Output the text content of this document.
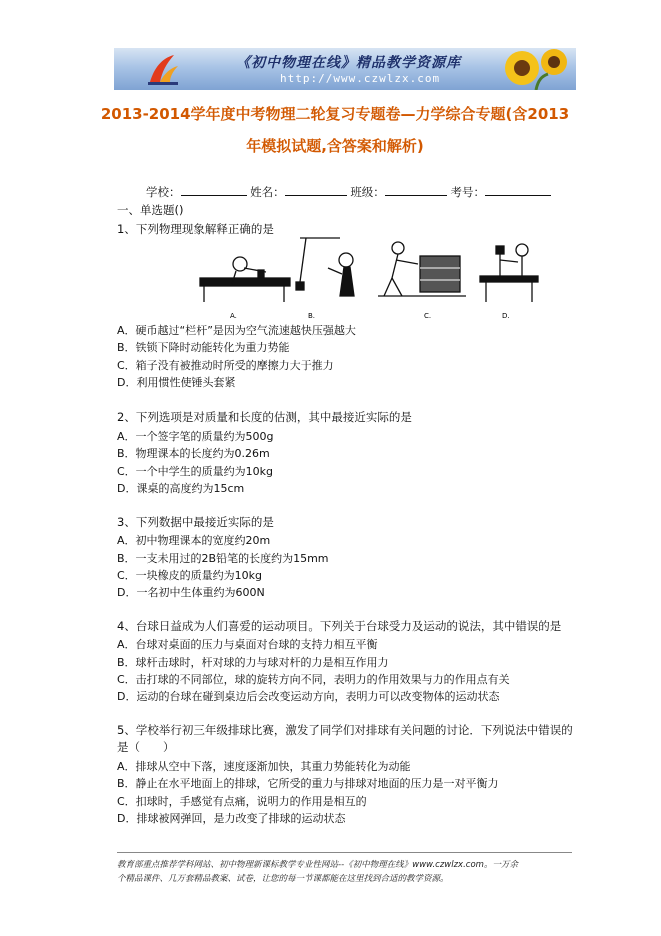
《初中物理在线》精品教学资源库
http://www.czwlzx.com
2013-2014学年度中考物理二轮复习专题卷—力学综合专题(含2013
年模拟试题,含答案和解析)
学校：	姓名：	班级：	考号：
一、单选题()
1、下列物理现象解释正确的是
A.	B.	C.	D.
A．硬币越过“栏杆”是因为空气流速越快压强越大
B．铁锁下降时动能转化为重力势能
C．箱子没有被推动时所受的摩擦力大于推力
D．利用惯性使锤头套紧
2、下列选项是对质量和长度的估测，其中最接近实际的是
A．一个签字笔的质量约为500g
B．物理课本的长度约为0.26m
C．一个中学生的质量约为10kg
D．课桌的高度约为15cm
3、下列数据中最接近实际的是
A．初中物理课本的宽度约20m
B．一支未用过的2B铅笔的长度约为15mm
C．一块橡皮的质量约为10kg
D．一名初中生体重约为600N
4、台球日益成为人们喜爱的运动项目。下列关于台球受力及运动的说法，其中错误的是
A．台球对桌面的压力与桌面对台球的支持力相互平衡
B．球杆击球时，杆对球的力与球对杆的力是相互作用力
C．击打球的不同部位，球的旋转方向不同，表明力的作用效果与力的作用点有关
D．运动的台球在碰到桌边后会改变运动方向，表明力可以改变物体的运动状态
5、学校举行初三年级排球比赛，激发了同学们对排球有关问题的讨论．下列说法中错误的
是（　　）
A．排球从空中下落，速度逐渐加快，其重力势能转化为动能
B．静止在水平地面上的排球，它所受的重力与排球对地面的压力是一对平衡力
C．扣球时，手感觉有点痛，说明力的作用是相互的
D．排球被网弹回，是力改变了排球的运动状态
教育部重点推荐学科网站、初中物理新课标教学专业性网站--《初中物理在线》www.czwlzx.com。一万余
个精品课件、几万套精品教案、试卷，让您的每一节课都能在这里找到合适的教学资源。
